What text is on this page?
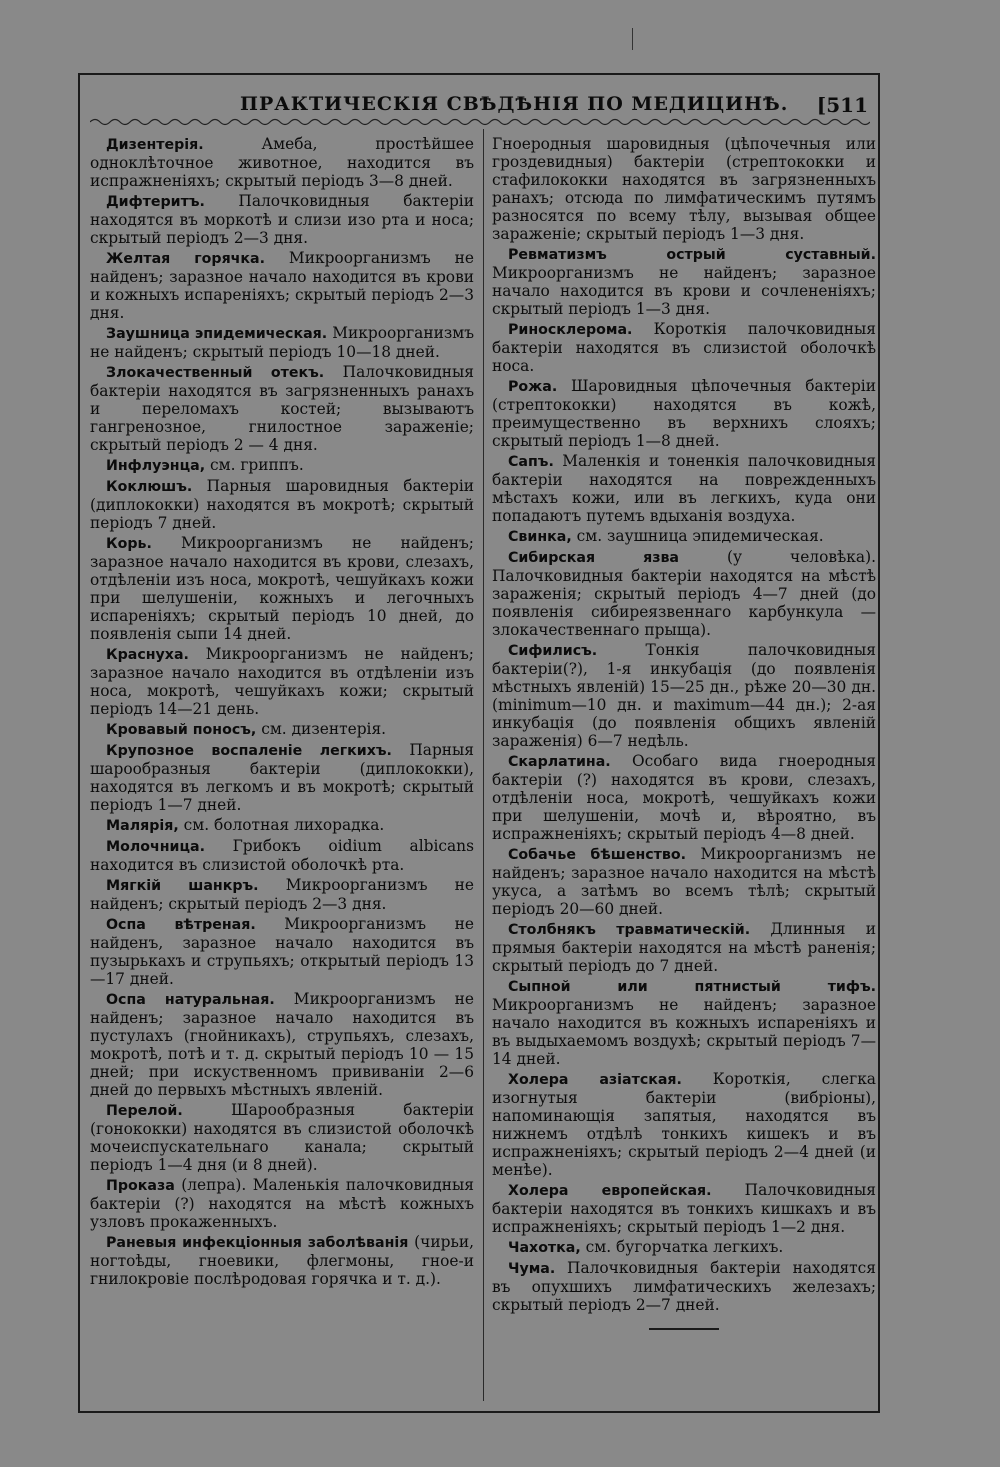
ПРАКТИЧЕСКІЯ СВѢДѢНІЯ ПО МЕДИЦИНѢ. [511

Дизентерія. Амеба, простѣйшее одноклѣточное животное, находится въ испражненіяхъ; скрытый періодъ 3—8 дней.

Дифтеритъ. Палочковидныя бактеріи находятся въ моркотѣ и слизи изо рта и носа; скрытый періодъ 2—3 дня.

Желтая горячка. Микроорганизмъ не найденъ; заразное начало находится въ крови и кожныхъ испареніяхъ; скрытый періодъ 2—3 дня.

Заушница эпидемическая. Микроорганизмъ не найденъ; скрытый періодъ 10—18 дней.

Злокачественный отекъ. Палочковидныя бактеріи находятся въ загрязненныхъ ранахъ и переломахъ костей; вызываютъ гангренозное, гнилостное зараженіе; скрытый періодъ 2 — 4 дня.

Инфлуэнца, см. гриппъ.

Коклюшъ. Парныя шаровидныя бактеріи (диплококки) находятся въ мокротѣ; скрытый періодъ 7 дней.

Корь. Микроорганизмъ не найденъ; заразное начало находится въ крови, слезахъ, отдѣленіи изъ носа, мокротѣ, чешуйкахъ кожи при шелушеніи, кожныхъ и легочныхъ испареніяхъ; скрытый періодъ 10 дней, до появленія сыпи 14 дней.

Краснуха. Микроорганизмъ не найденъ; заразное начало находится въ отдѣленіи изъ носа, мокротѣ, чешуйкахъ кожи; скрытый періодъ 14—21 день.

Кровавый поносъ, см. дизентерія.

Крупозное воспаленіе легкихъ. Парныя шарообразныя бактеріи (диплококки), находятся въ легкомъ и въ мокротѣ; скрытый періодъ 1—7 дней.

Малярія, см. болотная лихорадка.

Молочница. Грибокъ oidium albicans находится въ слизистой оболочкѣ рта.

Мягкій шанкръ. Микроорганизмъ не найденъ; скрытый періодъ 2—3 дня.

Оспа вѣтреная. Микроорганизмъ не найденъ, заразное начало находится въ пузырькахъ и струпьяхъ; открытый періодъ 13—17 дней.

Оспа натуральная. Микроорганизмъ не найденъ; заразное начало находится въ пустулахъ (гнойникахъ), струпьяхъ, слезахъ, мокротѣ, потѣ и т. д. скрытый періодъ 10 — 15 дней; при искуственномъ прививаніи 2—6 дней до первыхъ мѣстныхъ явленій.

Перелой. Шарообразныя бактеріи (гонококки) находятся въ слизистой оболочкѣ мочеиспускательнаго канала; скрытый періодъ 1—4 дня (и 8 дней).

Проказа (лепра). Маленькія палочковидныя бактеріи (?) находятся на мѣстѣ кожныхъ узловъ прокаженныхъ.

Раневыя инфекціонныя заболѣванія (чирьи, ногтоѣды, гноевики, флегмоны, гное-и гнилокровіе послѣродовая горячка и т. д.).

Гноеродныя шаровидныя (цѣпочечныя или гроздевидныя) бактеріи (стрептококки и стафилококки находятся въ загрязненныхъ ранахъ; отсюда по лимфатическимъ путямъ разносятся по всему тѣлу, вызывая общее зараженіе; скрытый періодъ 1—3 дня.

Ревматизмъ острый суставный. Микроорганизмъ не найденъ; заразное начало находится въ крови и сочлененіяхъ; скрытый періодъ 1—3 дня.

Риносклерома. Короткія палочковидныя бактеріи находятся въ слизистой оболочкѣ носа.

Рожа. Шаровидныя цѣпочечныя бактеріи (стрептококки) находятся въ кожѣ, преимущественно въ верхнихъ слояхъ; скрытый періодъ 1—8 дней.

Сапъ. Маленкія и тоненкія палочковидныя бактеріи находятся на поврежденныхъ мѣстахъ кожи, или въ легкихъ, куда они попадаютъ путемъ вдыханія воздуха.

Свинка, см. заушница эпидемическая.

Сибирская язва (у человѣка). Палочковидныя бактеріи находятся на мѣстѣ зараженія; скрытый періодъ 4—7 дней (до появленія сибиреязвеннаго карбункула — злокачественнаго прыща).

Сифилисъ. Тонкія палочковидныя бактеріи(?), 1-я инкубація (до появленія мѣстныхъ явленій) 15—25 дн., рѣже 20—30 дн. (minimum—10 дн. и maximum—44 дн.); 2-ая инкубація (до появленія общихъ явленій зараженія) 6—7 недѣль.

Скарлатина. Особаго вида гноеродныя бактеріи (?) находятся въ крови, слезахъ, отдѣленіи носа, мокротѣ, чешуйкахъ кожи при шелушеніи, мочѣ и, вѣроятно, въ испражненіяхъ; скрытый періодъ 4—8 дней.

Собачье бѣшенство. Микроорганизмъ не найденъ; заразное начало находится на мѣстѣ укуса, а затѣмъ во всемъ тѣлѣ; скрытый періодъ 20—60 дней.

Столбнякъ травматическій. Длинныя и прямыя бактеріи находятся на мѣстѣ раненія; скрытый періодъ до 7 дней.

Сыпной или пятнистый тифъ. Микроорганизмъ не найденъ; заразное начало находится въ кожныхъ испареніяхъ и въ выдыхаемомъ воздухѣ; скрытый періодъ 7—14 дней.

Холера азіатская. Короткія, слегка изогнутыя бактеріи (вибріоны), напоминающія запятыя, находятся въ нижнемъ отдѣлѣ тонкихъ кишекъ и въ испражненіяхъ; скрытый періодъ 2—4 дней (и менѣе).

Холера европейская. Палочковидныя бактеріи находятся въ тонкихъ кишкахъ и въ испражненіяхъ; скрытый періодъ 1—2 дня.

Чахотка, см. бугорчатка легкихъ.

Чума. Палочковидныя бактеріи находятся въ опухшихъ лимфатическихъ железахъ; скрытый періодъ 2—7 дней.
